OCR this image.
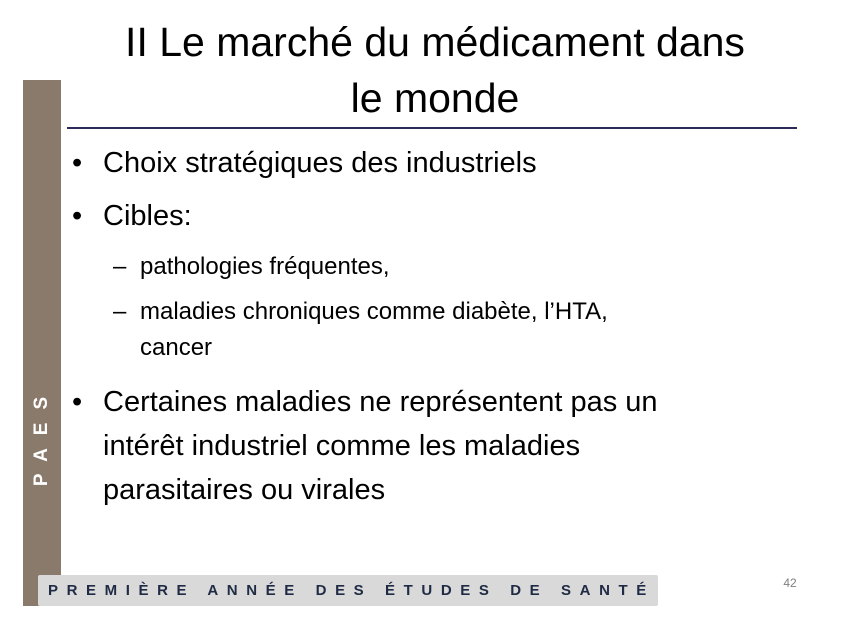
PAES
II Le marché du médicament dans
le monde
• Choix stratégiques des industriels
• Cibles:
– pathologies fréquentes,
– maladies chroniques comme diabète, l’HTA,
cancer
• Certaines maladies ne représentent pas un
intérêt industriel comme les maladies
parasitaires ou virales
PREMIÈRE ANNÉE DES ÉTUDES DE SANTÉ	42
